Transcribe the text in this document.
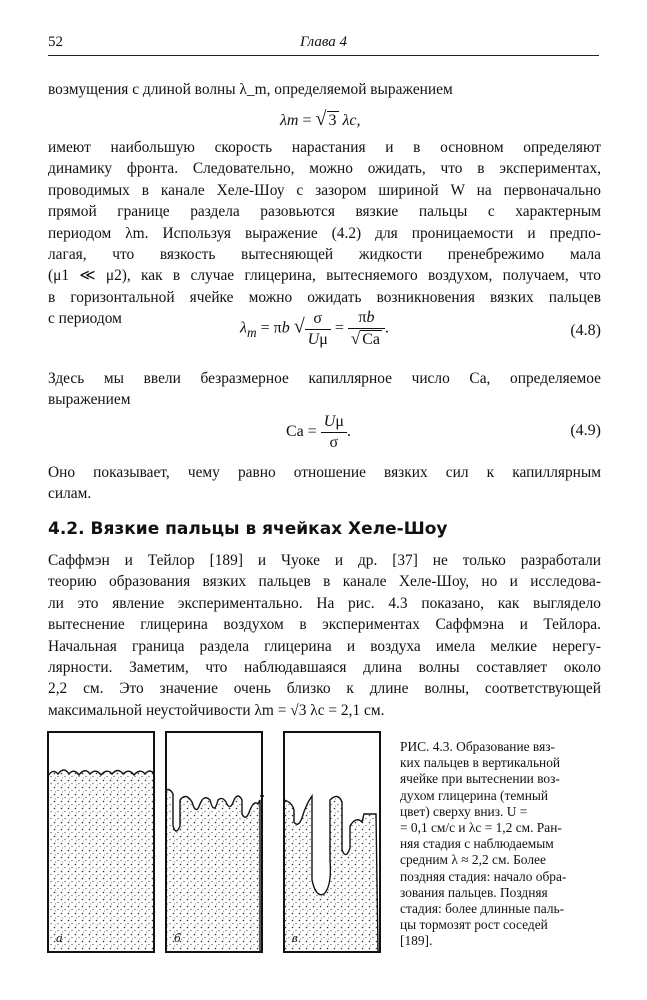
52	Глава 4

возмущения с длиной волны λ_m, определяемой выражением

λm = √ 3 λc,
имеют наибольшую скорость нарастания и в основном определяют
динамику фронта. Следовательно, можно ожидать, что в экспериментах,
проводимых в канале Хеле-Шоу с зазором шириной W на первоначально
прямой границе раздела разовьются вязкие пальцы с характерным
периодом λm. Используя выражение (4.2) для проницаемости и предпо-
лагая, что вязкость вытесняющей жидкости пренебрежимо мала
(μ1 ≪ μ2), как в случае глицерина, вытесняемого воздухом, получаем, что
в горизонтальной ячейке можно ожидать возникновения вязких пальцев
с периодом
$\lambda_m = \pi b$ √ $\frac{\sigma}{U\mu} = \frac{\pi b}{√ Ca}$ .	(4.8)
Здесь мы ввели безразмерное капиллярное число Ca, определяемое
выражением
$Ca = \frac{U\mu}{\sigma}$ .	(4.9)
Оно показывает, чему равно отношение вязких сил к капиллярным
силам.
4.2. Вязкие пальцы в ячейках Хеле-Шоу
Саффмэн и Тейлор [189] и Чуоке и др. [37] не только разработали
теорию образования вязких пальцев в канале Хеле-Шоу, но и исследова-
ли это явление экспериментально. На рис. 4.3 показано, как выглядело
вытеснение глицерина воздухом в экспериментах Саффмэна и Тейлора.
Начальная граница раздела глицерина и воздуха имела мелкие нерегу-
лярности. Заметим, что наблюдавшаяся длина волны составляет около
2,2 см. Это значение очень близко к длине волны, соответствующей
максимальной неустойчивости λm = √3 λc = 2,1 см.
а	б	в
РИС. 4.3. Образование вяз-
ких пальцев в вертикальной
ячейке при вытеснении воз-
духом глицерина (темный
цвет) сверху вниз. U =
= 0,1 см/с и λc = 1,2 см. Ран-
няя стадия с наблюдаемым
средним λ ≈ 2,2 см. Более
поздняя стадия: начало обра-
зования пальцев. Поздняя
стадия: более длинные паль-
цы тормозят рост соседей
[189].
